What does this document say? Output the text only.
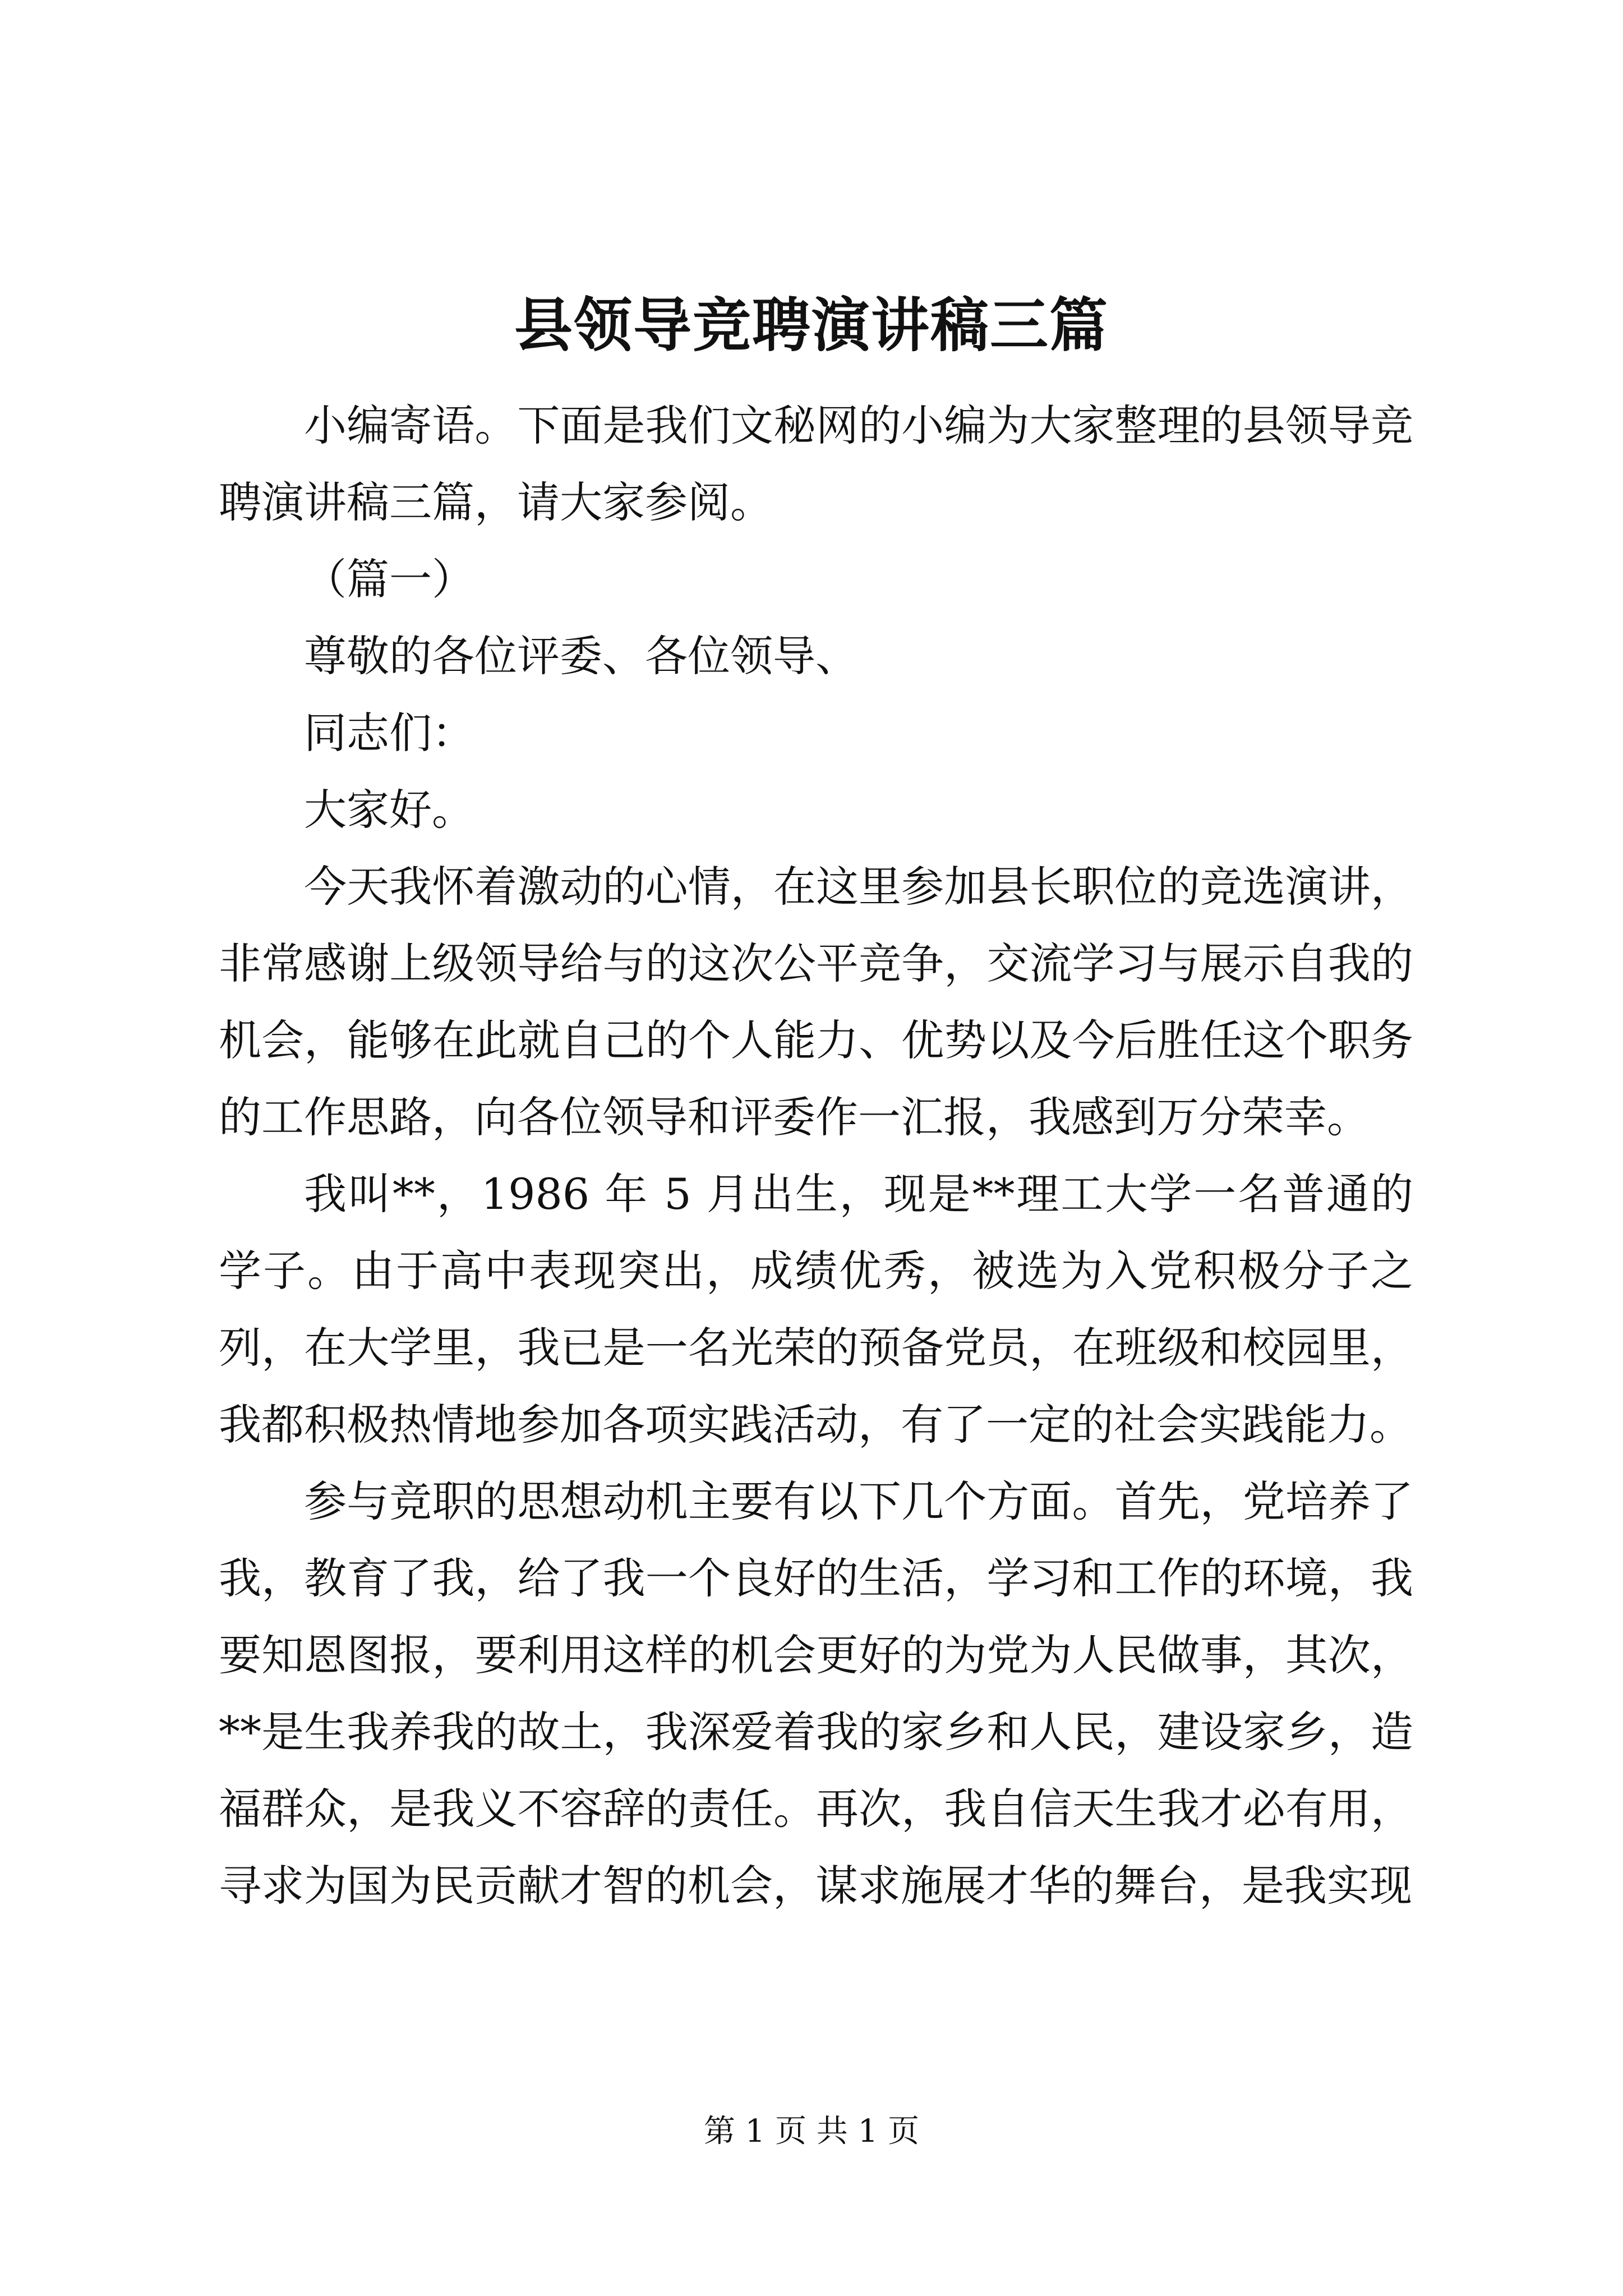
县领导竞聘演讲稿三篇

小编寄语。下面是我们文秘网的小编为大家整理的县领导竞聘演讲稿三篇，请大家参阅。

（篇一）

尊敬的各位评委、各位领导、

同志们：

大家好。

今天我怀着激动的心情，在这里参加县长职位的竞选演讲，非常感谢上级领导给与的这次公平竞争，交流学习与展示自我的机会，能够在此就自己的个人能力、优势以及今后胜任这个职务的工作思路，向各位领导和评委作一汇报，我感到万分荣幸。

我叫**，1986 年 5 月出生，现是**理工大学一名普通的学子。由于高中表现突出，成绩优秀，被选为入党积极分子之列，在大学里，我已是一名光荣的预备党员，在班级和校园里，我都积极热情地参加各项实践活动，有了一定的社会实践能力。

参与竞职的思想动机主要有以下几个方面。首先，党培养了我，教育了我，给了我一个良好的生活，学习和工作的环境，我要知恩图报，要利用这样的机会更好的为党为人民做事，其次，**是生我养我的故土，我深爱着我的家乡和人民，建设家乡，造福群众，是我义不容辞的责任。再次，我自信天生我才必有用，寻求为国为民贡献才智的机会，谋求施展才华的舞台，是我实现

第 1 页 共 1 页
